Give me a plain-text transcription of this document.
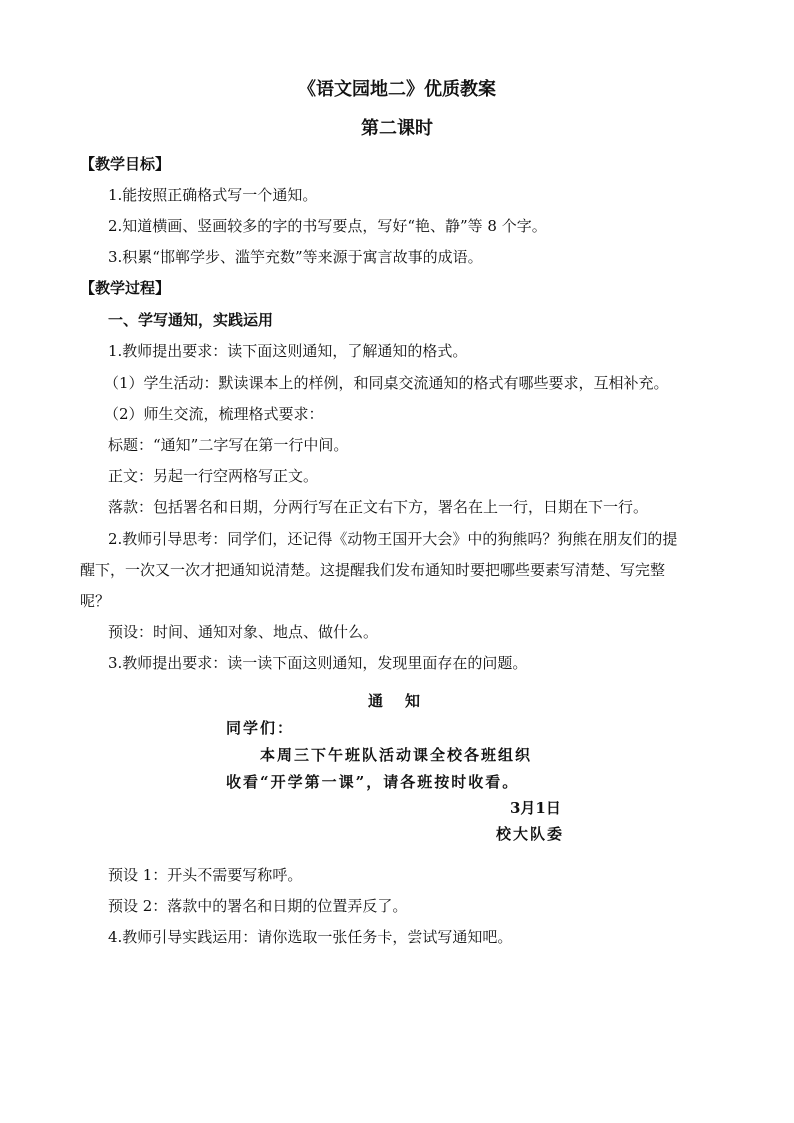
《语文园地二》优质教案
第二课时

【教学目标】

1.能按照正确格式写一个通知。

2.知道横画、竖画较多的字的书写要点，写好“艳、静”等 8 个字。

3.积累“邯郸学步、滥竽充数”等来源于寓言故事的成语。

【教学过程】

一、学写通知，实践运用

1.教师提出要求：读下面这则通知，了解通知的格式。

（1）学生活动：默读课本上的样例，和同桌交流通知的格式有哪些要求，互相补充。

（2）师生交流，梳理格式要求：

标题：“通知”二字写在第一行中间。

正文：另起一行空两格写正文。

落款：包括署名和日期，分两行写在正文右下方，署名在上一行，日期在下一行。

2.教师引导思考：同学们，还记得《动物王国开大会》中的狗熊吗？狗熊在朋友们的提

醒下，一次又一次才把通知说清楚。这提醒我们发布通知时要把哪些要素写清楚、写完整

呢？

预设：时间、通知对象、地点、做什么。

3.教师提出要求：读一读下面这则通知，发现里面存在的问题。

通知

同学们：

本周三下午班队活动课全校各班组织

收看“开学第一课”，请各班按时收看。

3月1日

校大队委

预设 1：开头不需要写称呼。

预设 2：落款中的署名和日期的位置弄反了。

4.教师引导实践运用：请你选取一张任务卡，尝试写通知吧。
